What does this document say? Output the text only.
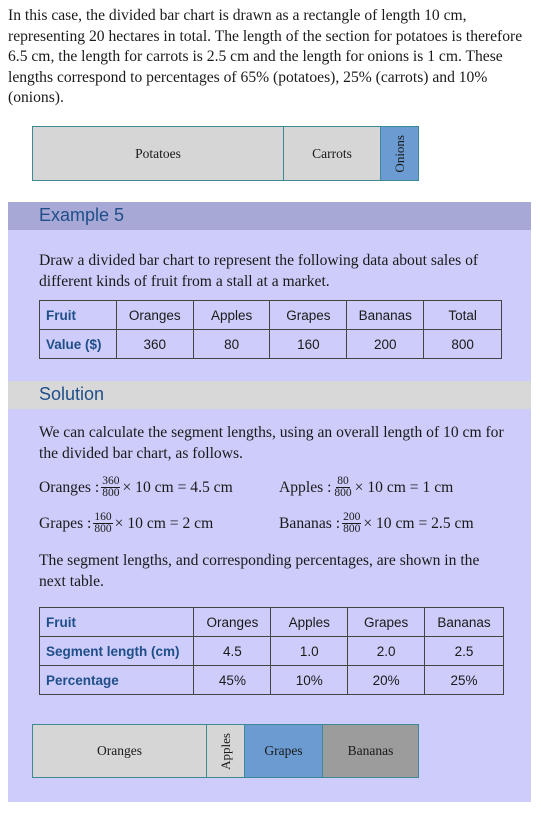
In this case, the divided bar chart is drawn as a rectangle of length 10 cm, representing 20 hectares in total. The length of the section for potatoes is therefore 6.5 cm, the length for carrots is 2.5 cm and the length for onions is 1 cm. These lengths correspond to percentages of 65% (potatoes), 25% (carrots) and 10% (onions).
Potatoes	Carrots	Onions
Example 5
Draw a divided bar chart to represent the following data about sales of different kinds of fruit from a stall at a market.
Fruit	Oranges	Apples	Grapes	Bananas	Total
Value ($)	360	80	160	200	800
Solution
We can calculate the segment lengths, using an overall length of 10 cm for the divided bar chart, as follows.
Oranges : $\frac{360}{800} \times 10$ cm = 4.5 cm	Apples : $\frac{80}{800} \times 10$ cm = 1 cm
Grapes : $\frac{160}{800} \times 10$ cm = 2 cm	Bananas : $\frac{200}{800} \times 10$ cm = 2.5 cm
The segment lengths, and corresponding percentages, are shown in the next table.
Fruit	Oranges	Apples	Grapes	Bananas
Segment length (cm)	4.5	1.0	2.0	2.5
Percentage	45%	10%	20%	25%
Oranges	Apples Grapes	Bananas
